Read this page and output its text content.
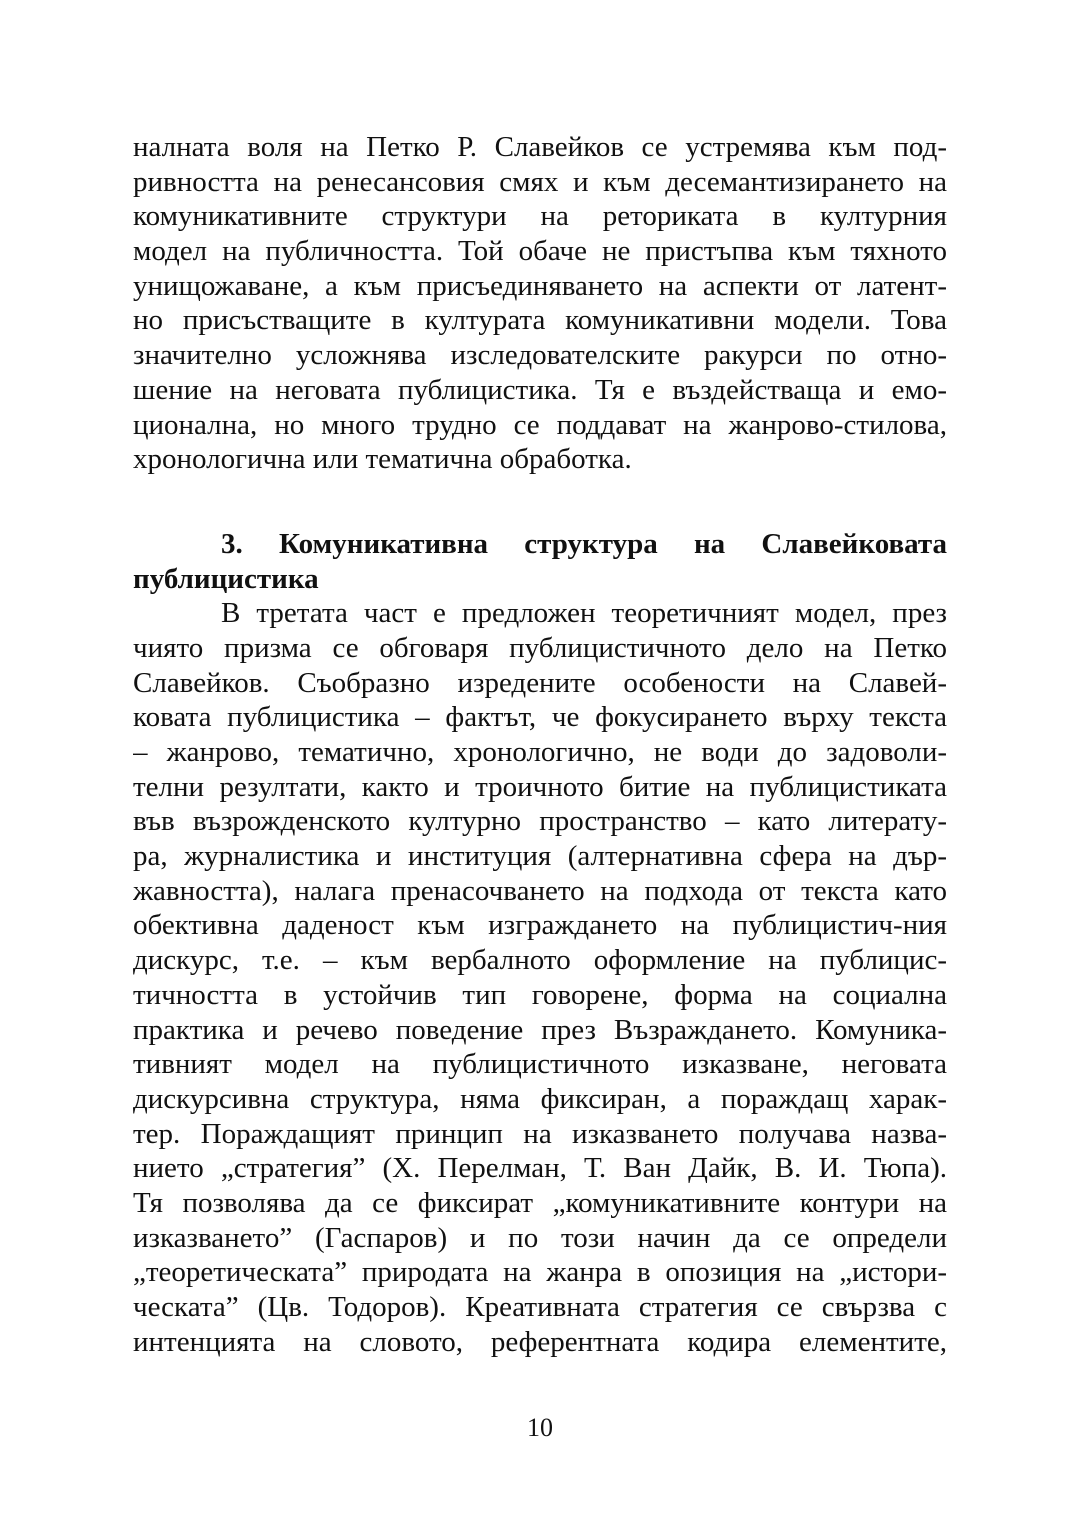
налната воля на Петко Р. Славейков се устремява към под-
ривността на ренесансовия смях и към десемантизирането на
комуникативните структури на реториката в културния
модел на публичността. Той обаче не пристъпва към тяхното
унищожаване, а към присъединяването на аспекти от латент-
но присъстващите в културата комуникативни модели. Това
значително усложнява изследователските ракурси по отно-
шение на неговата публицистика. Тя е въздействаща и емо-
ционална, но много трудно се поддават на жанрово-стилова,
хронологична или тематична обработка.
3. Комуникативна структура на Славейковата
публицистика
В третата част е предложен теоретичният модел, през
чиято призма се обговаря публицистичното дело на Петко
Славейков. Съобразно изредените особености на Славей-
ковата публицистика – фактът, че фокусирането върху текста
– жанрово, тематично, хронологично, не води до задоволи-
телни резултати, както и троичното битие на публицистиката
във възрожденското културно пространство – като литерату-
ра, журналистика и институция (алтернативна сфера на дър-
жавността), налага пренасочването на подхода от текста като
обективна даденост към изграждането на публицистич-ния
дискурс, т.е. – към вербалното оформление на публицис-
тичността в устойчив тип говорене, форма на социална
практика и речево поведение през Възраждането. Комуника-
тивният модел на публицистичното изказване, неговата
дискурсивна структура, няма фиксиран, а пораждащ харак-
тер. Пораждащият принцип на изказването получава назва-
нието „стратегия” (Х. Перелман, Т. Ван Дайк, В. И. Тюпа).
Тя позволява да се фиксират „комуникативните контури на
изказването” (Гаспаров) и по този начин да се определи
„теоретическата” природата на жанра в опозиция на „истори-
ческата” (Цв. Тодоров). Креативната стратегия се свързва с
интенцията на словото, референтната кодира елементите,
10
